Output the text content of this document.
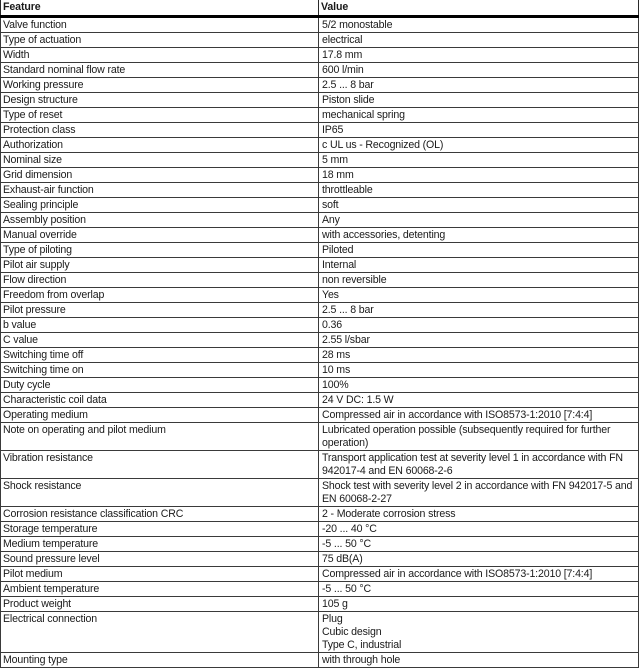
Feature	Value
Valve function	5/2 monostable

Type of actuation	electrical

Width	17.8 mm

Standard nominal flow rate	600 l/min

Working pressure	2.5 ... 8 bar

Design structure	Piston slide

Type of reset	mechanical spring

Protection class	IP65

Authorization	c UL us - Recognized (OL)

Nominal size	5 mm

Grid dimension	18 mm

Exhaust-air function	throttleable

Sealing principle	soft

Assembly position	Any

Manual override	with accessories, detenting

Type of piloting	Piloted

Pilot air supply	Internal

Flow direction	non reversible

Freedom from overlap	Yes

Pilot pressure	2.5 ... 8 bar

b value	0.36

C value	2.55 l/sbar

Switching time off	28 ms

Switching time on	10 ms

Duty cycle	100%

Characteristic coil data	24 V DC: 1.5 W

Operating medium	Compressed air in accordance with ISO8573-1:2010 [7:4:4]

Note on operating and pilot medium	Lubricated operation possible (subsequently required for further operation)

Vibration resistance	Transport application test at severity level 1 in accordance with FN 942017-4 and EN 60068-2-6

Shock resistance	Shock test with severity level 2 in accordance with FN 942017-5 and EN 60068-2-27

Corrosion resistance classification CRC	2 - Moderate corrosion stress

Storage temperature	-20 ... 40 °C

Medium temperature	-5 ... 50 °C

Sound pressure level	75 dB(A)

Pilot medium	Compressed air in accordance with ISO8573-1:2010 [7:4:4]

Ambient temperature	-5 ... 50 °C

Product weight	105 g

Electrical connection	Plug
Cubic design
Type C, industrial

Mounting type	with through hole
